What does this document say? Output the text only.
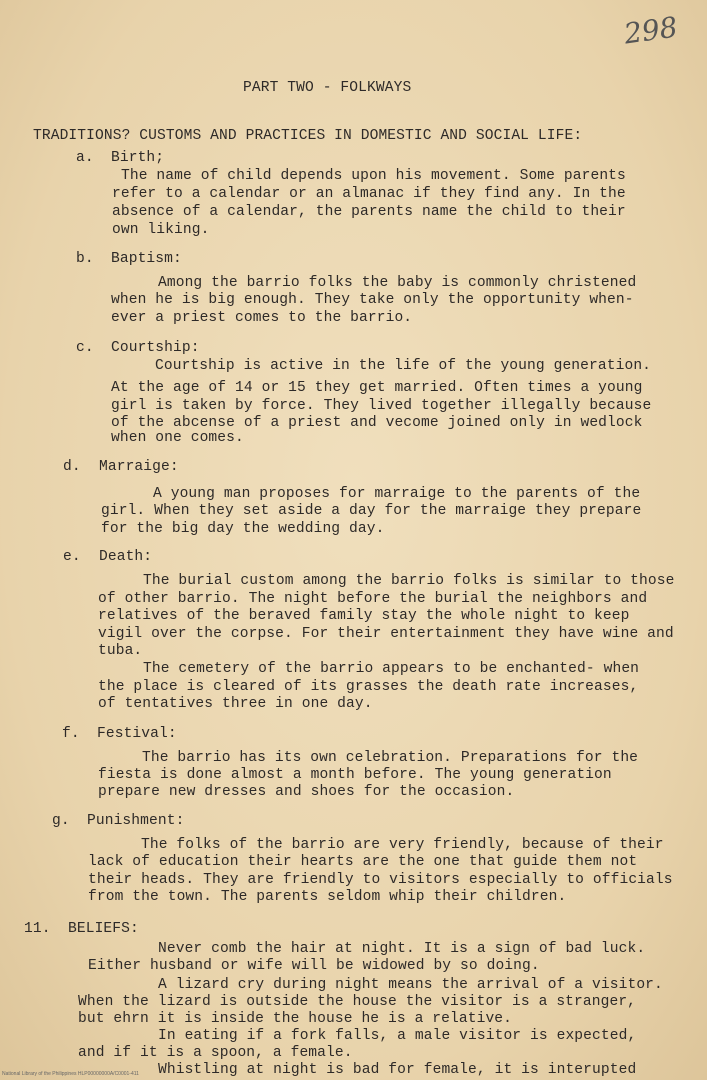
298
PART TWO - FOLKWAYS
TRADITIONS? CUSTOMS AND PRACTICES IN DOMESTIC AND SOCIAL LIFE:
a. Birth;
The name of child depends upon his movement. Some parents
refer to a calendar or an almanac if they find any. In the
absence of a calendar, the parents name the child to their
own liking.
b. Baptism:
Among the barrio folks the baby is commonly christened
when he is big enough. They take only the opportunity when-
ever a priest comes to the barrio.
c. Courtship:
Courtship is active in the life of the young generation.
At the age of 14 or 15 they get married. Often times a young
girl is taken by force. They lived together illegally because
of the abcense of a priest and vecome joined only in wedlock
when one comes.
d. Marraige:
A young man proposes for marraige to the parents of the
girl. When they set aside a day for the marraige they prepare
for the big day the wedding day.
e. Death:
The burial custom among the barrio folks is similar to those
of other barrio. The night before the burial the neighbors and
relatives of the beraved family stay the whole night to keep
vigil over the corpse. For their entertainment they have wine and
tuba.
The cemetery of the barrio appears to be enchanted- when
the place is cleared of its grasses the death rate increases,
of tentatives three in one day.
f. Festival:
The barrio has its own celebration. Preparations for the
fiesta is done almost a month before. The young generation
prepare new dresses and shoes for the occasion.
g. Punishment:
The folks of the barrio are very friendly, because of their
lack of education their hearts are the one that guide them not
their heads. They are friendly to visitors especially to officials
from the town. The parents seldom whip their children.
11. BELIEFS:
Never comb the hair at night. It is a sign of bad luck.
Either husband or wife will be widowed by so doing.
A lizard cry during night means the arrival of a visitor.
When the lizard is outside the house the visitor is a stranger,
but ehrn it is inside the house he is a relative.
In eating if a fork falls, a male visitor is expected,
and if it is a spoon, a female.
Whistling at night is bad for female, it is interupted
National Library of the Philippines HLP00000000A/C0001-411
